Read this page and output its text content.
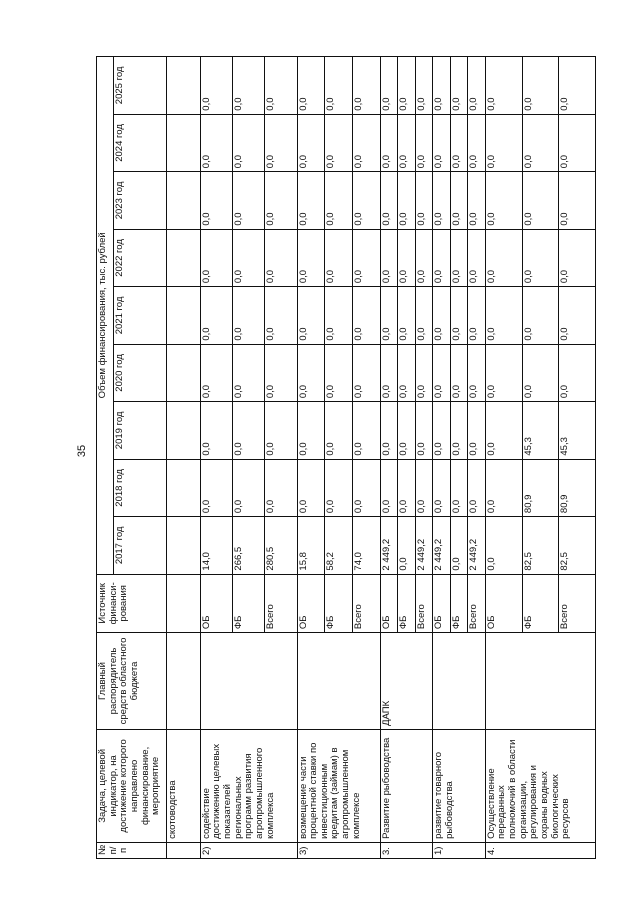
35
№ п/п	Задача, целевой индикатор, на достижение которого направлено финансирование, мероприятие	Главный распорядитель средств областного бюджета	Источник финанси-рования	Объем финансирования, тыс. рублей								
				2017 год	2018 год	2019 год	2020 год	2021 год	2022 год	2023 год	2024 год	2025 год
	скотоводства											
2)	содействие достижению целевых показателей региональных программ развития агропромышленного комплекса		ОБ	14,0	0,0	0,0	0,0	0,0	0,0	0,0	0,0	0,0
			ФБ	266,5	0,0	0,0	0,0	0,0	0,0	0,0	0,0	0,0
			Всего	280,5	0,0	0,0	0,0	0,0	0,0	0,0	0,0	0,0
3)	возмещение части процентной ставки по инвестиционным кредитам (займам) в агропромышленном комплексе		ОБ	15,8	0,0	0,0	0,0	0,0	0,0	0,0	0,0	0,0
			ФБ	58,2	0,0	0,0	0,0	0,0	0,0	0,0	0,0	0,0
			Всего	74,0	0,0	0,0	0,0	0,0	0,0	0,0	0,0	0,0
3.	Развитие рыбоводства	ДАПК	ОБ	2 449,2	0,0	0,0	0,0	0,0	0,0	0,0	0,0	0,0
			ФБ	0,0	0,0	0,0	0,0	0,0	0,0	0,0	0,0	0,0
			Всего	2 449,2	0,0	0,0	0,0	0,0	0,0	0,0	0,0	0,0
1)	развитие товарного рыбоводства		ОБ	2 449,2	0,0	0,0	0,0	0,0	0,0	0,0	0,0	0,0
			ФБ	0,0	0,0	0,0	0,0	0,0	0,0	0,0	0,0	0,0
			Всего	2 449,2	0,0	0,0	0,0	0,0	0,0	0,0	0,0	0,0
4.	Осуществление переданных полномочий в области организации, регулирования и охраны водных биологических ресурсов		ОБ	0,0	0,0	0,0	0,0	0,0	0,0	0,0	0,0	0,0
			ФБ	82,5	80,9	45,3	0,0	0,0	0,0	0,0	0,0	0,0
			Всего	82,5	80,9	45,3	0,0	0,0	0,0	0,0	0,0	0,0
